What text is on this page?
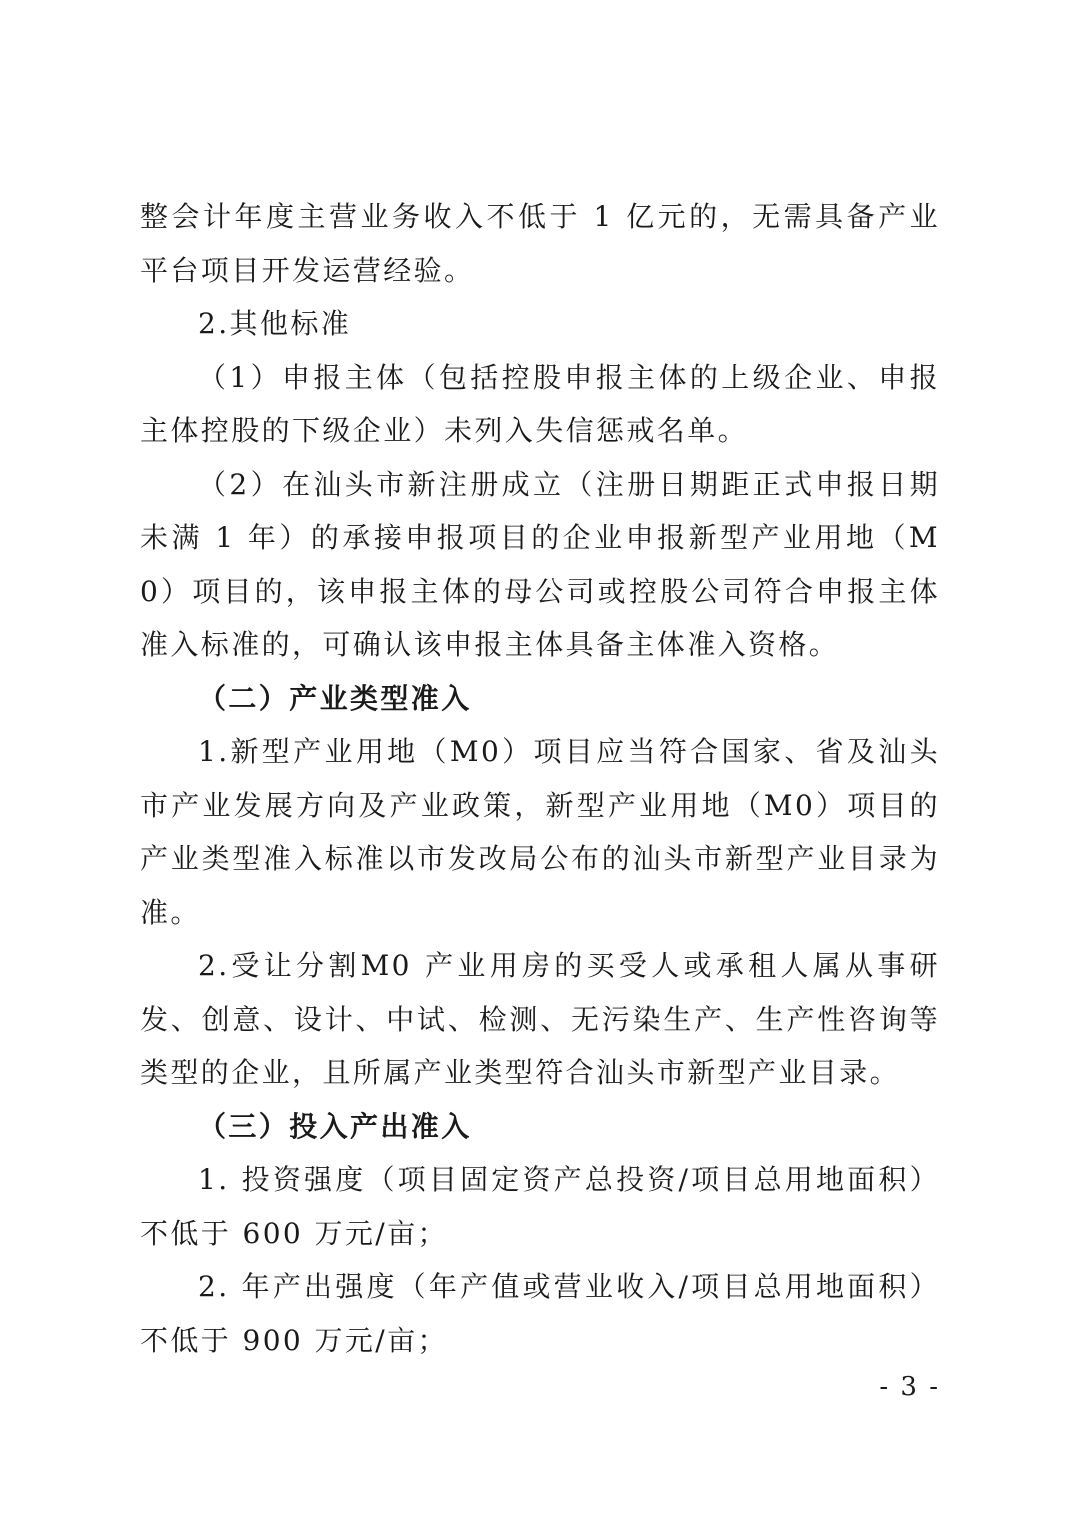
整会计年度主营业务收入不低于 1 亿元的，无需具备产业平台项目开发运营经验。

2.其他标准

（1）申报主体（包括控股申报主体的上级企业、申报主体控股的下级企业）未列入失信惩戒名单。

（2）在汕头市新注册成立（注册日期距正式申报日期未满 1 年）的承接申报项目的企业申报新型产业用地（M0）项目的，该申报主体的母公司或控股公司符合申报主体准入标准的，可确认该申报主体具备主体准入资格。

（二）产业类型准入

1.新型产业用地（M0）项目应当符合国家、省及汕头市产业发展方向及产业政策，新型产业用地（M0）项目的产业类型准入标准以市发改局公布的汕头市新型产业目录为准。

2.受让分割M0 产业用房的买受人或承租人属从事研发、创意、设计、中试、检测、无污染生产、生产性咨询等类型的企业，且所属产业类型符合汕头市新型产业目录。

（三）投入产出准入

1. 投资强度（项目固定资产总投资/项目总用地面积）不低于 600 万元/亩；

2. 年产出强度（年产值或营业收入/项目总用地面积）不低于 900 万元/亩；

- 3 -
